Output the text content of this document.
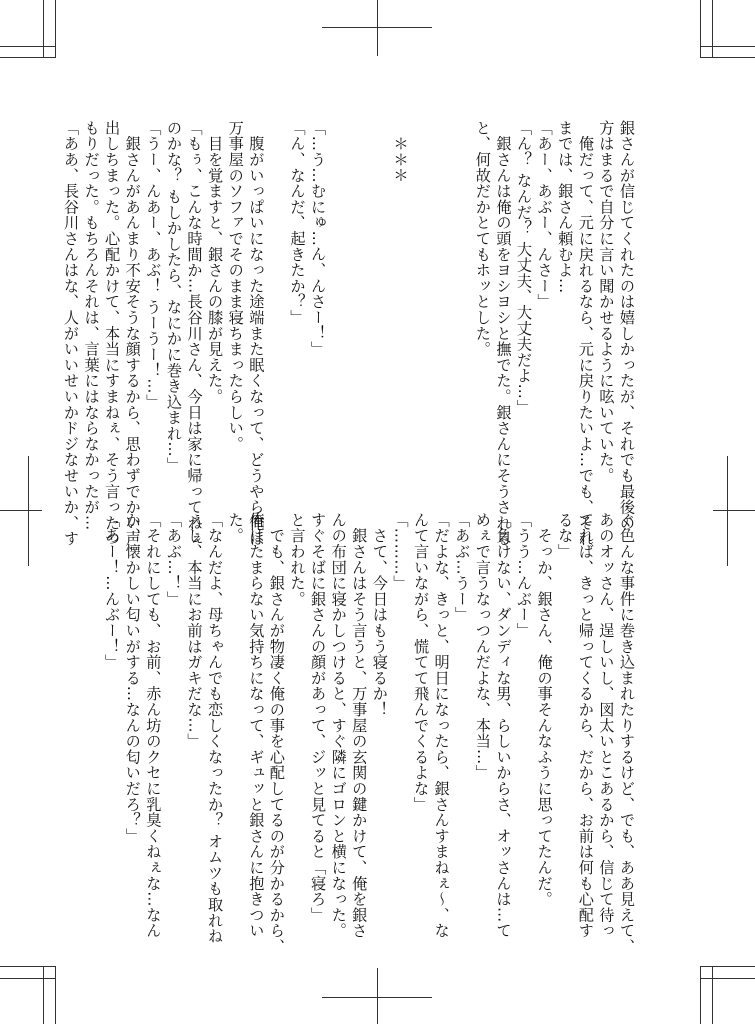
銀さんが信じてくれたのは嬉しかったが、それでも最後の
方はまるで自分に言い聞かせるように呟いていた。
　俺だって、元に戻れるなら、元に戻りたいよ…でも、それ
までは、銀さん頼むよ…
「あー、あぶー、んさー」
「ん？ なんだ？ 大丈夫、大丈夫だよ…」
　銀さんは俺の頭をヨシヨシと撫でた。銀さんにそうされる
と、何故だかとてもホッとした。

　＊＊＊

「…う…むにゅ…ん、んさー！」
「ん、なんだ、起きたか？」

　腹がいっぱいになった途端また眠くなって、どうやら俺は
万事屋のソファでそのまま寝ちまったらしい。
　目を覚ますと、銀さんの膝が見えた。
「もぅ、こんな時間か…長谷川さん、今日は家に帰ってねぇ
のかな？ もしかしたら、なにかに巻き込まれ…」
「うー、んあー、あぶ！ うーうー！…」
　銀さんがあんまり不安そうな顔するから、思わずでかい声
出しちまった。心配かけて、本当にすまねぇ、そう言ったつ
もりだった。もちろんそれは、言葉にはならなかったが…
「ああ、長谷川さんはな、人がいいせいかドジなせいか、す
ぐ色んな事件に巻き込まれたりするけど、でも、ああ見えて、
あのオッさん、逞しいし、図太いとこあるから、信じて待っ
てれば、きっと帰ってくるから、だから、お前は何も心配す
るな」
　そっか、銀さん、俺の事そんなふうに思ってたんだ。
「うう…んぶー」
「負けない、ダンディな男、らしいからさ、オッさんは…て
めぇで言うなっつんだよな、本当…」
「あぶ…うー」
「だよな、きっと、明日になったら、銀さんすまねぇ～、な
んて言いながら、慌てて飛んでくるよな」
「………」
　さて、今日はもう寝るか！
　銀さんはそう言うと、万事屋の玄関の鍵かけて、俺を銀さ
んの布団に寝かしつけると、すぐ隣にゴロンと横になった。
すぐそばに銀さんの顔があって、ジッと見てると「寝ろ」
と言われた。
　でも、銀さんが物凄く俺の事を心配してるのが分かるから、
俺はたまらない気持ちになって、ギュッと銀さんに抱きつい
た。
「なんだよ、母ちゃんでも恋しくなったか？ オムツも取れね
ぇし、本当にお前はガキだな…」
「あぶ…！」
「それにしても、お前、赤ん坊のクセに乳臭くねぇな…なん
か、懐かしい匂いがする…なんの匂いだろ？」
「あー！…んぶー！」
